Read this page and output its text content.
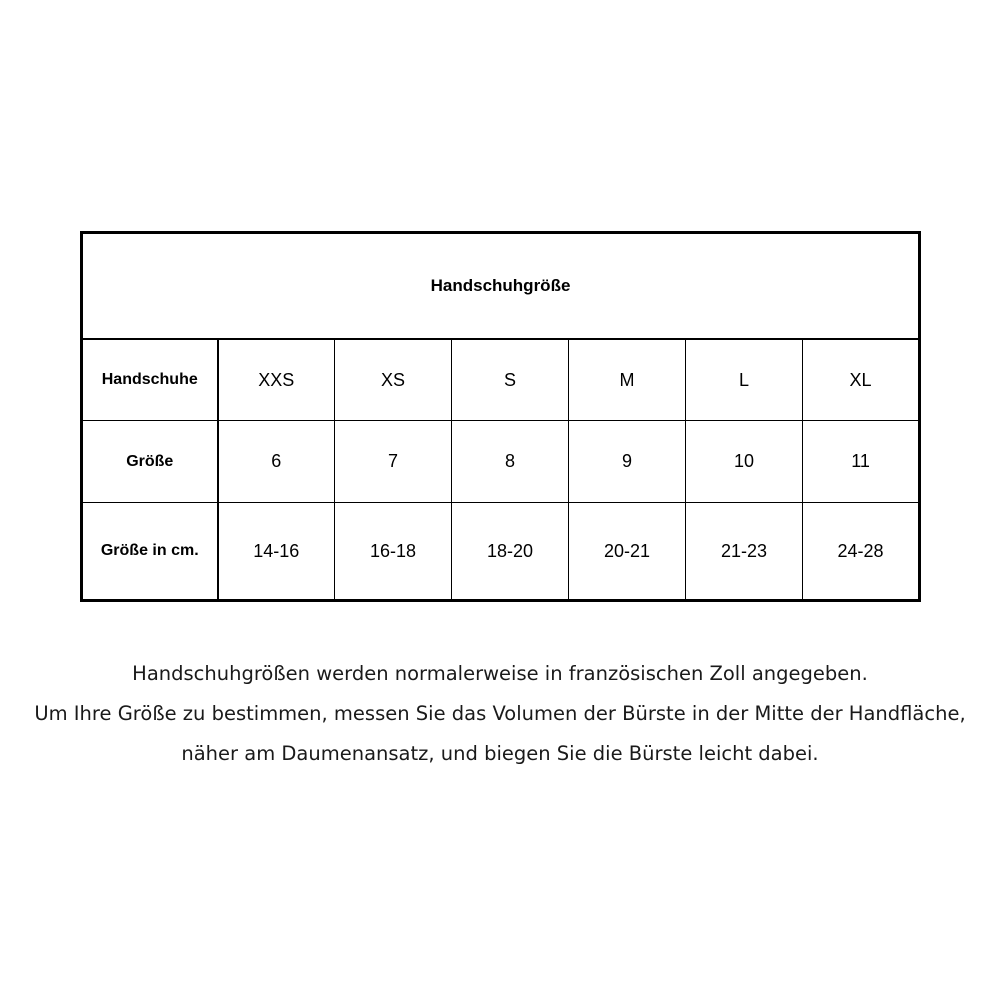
Handschuhgröße						
Handschuhe	XXS	XS	S	M	L	XL
Größe	6	7	8	9	10	11
Größe in cm.	14-16	16-18	18-20	20-21	21-23	24-28

Handschuhgrößen werden normalerweise in französischen Zoll angegeben.

Um Ihre Größe zu bestimmen, messen Sie das Volumen der Bürste in der Mitte der Handfläche,

näher am Daumenansatz, und biegen Sie die Bürste leicht dabei.
